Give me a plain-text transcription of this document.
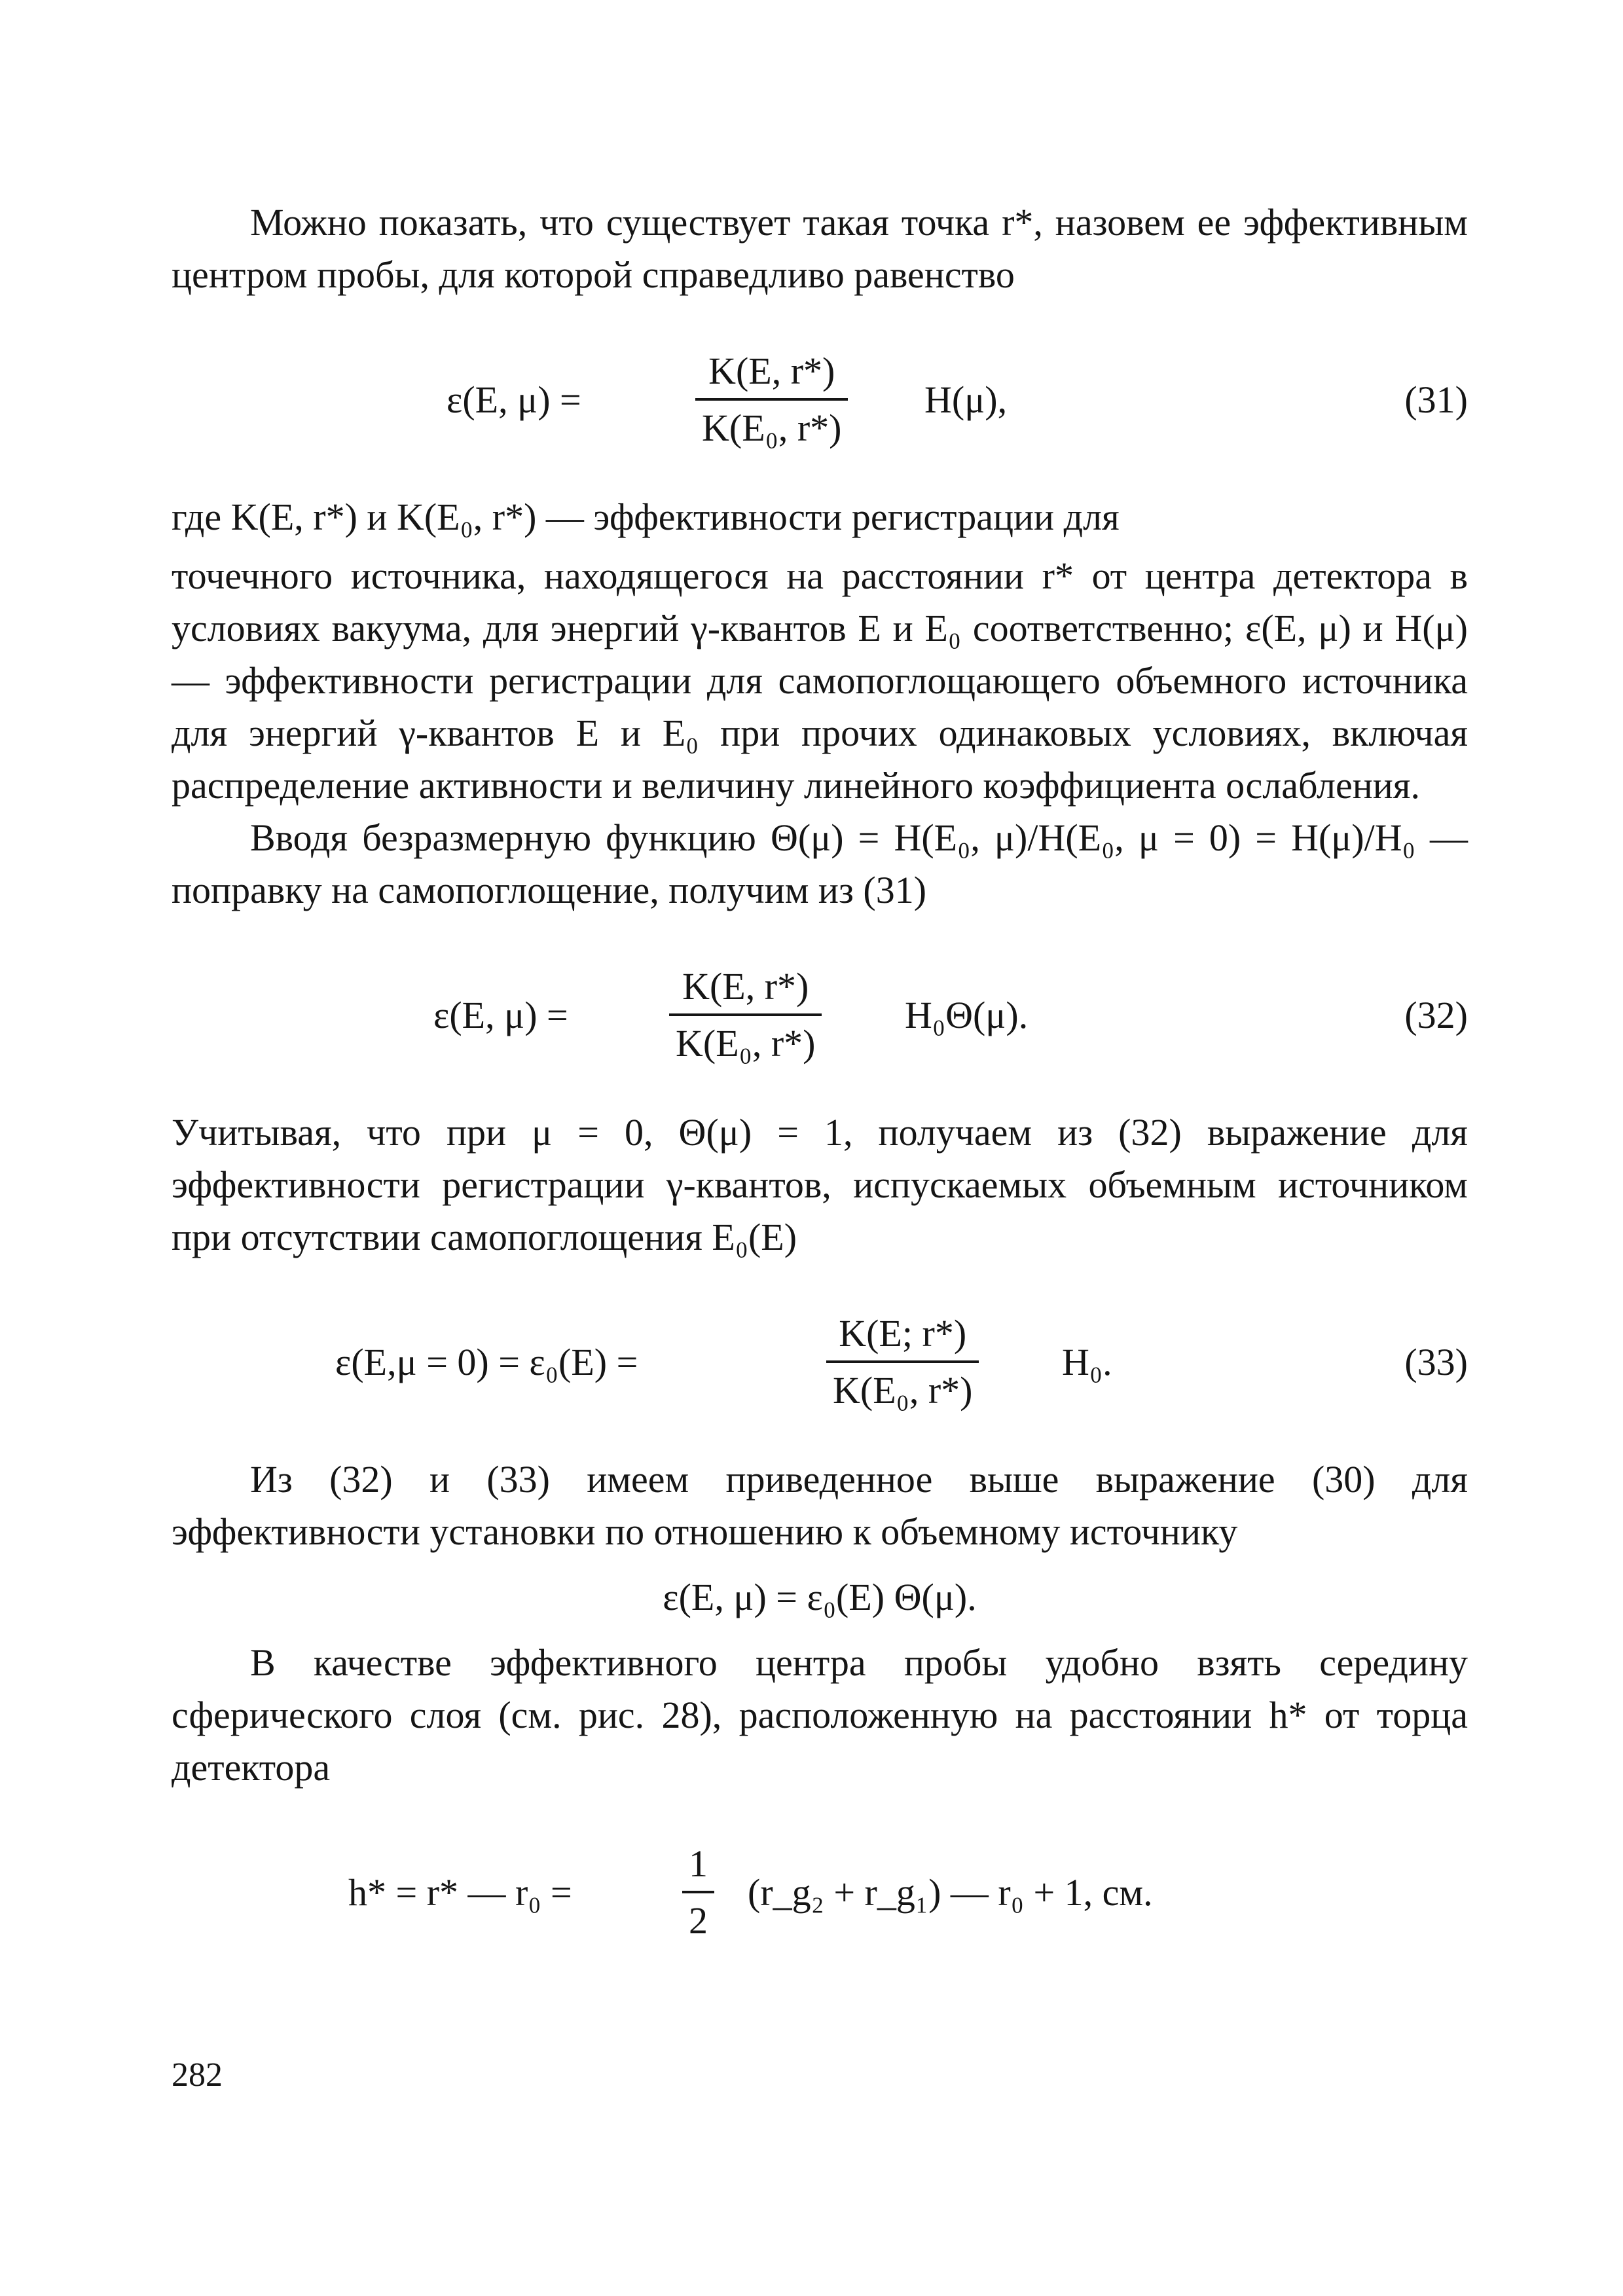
Можно показать, что существует такая точка r*, назовем ее эффективным центром пробы, для которой справедливо равенство

ε(E, μ) =	$\frac{K(E, r*)}{\text{K(E₀, r*)}} H(\mu)$,	(31)

где K(E, r*) и K(E₀, r*) — эффективности регистрации для

точечного источника, находящегося на расстоянии r* от центра детектора в условиях вакуума, для энергий γ-квантов E и E₀ соответственно; ε(E, μ) и H(μ) — эффективности регистрации для самопоглощающего объемного источника для энергий γ-квантов E и E₀ при прочих одинаковых условиях, включая распределение активности и величину линейного коэффициента ослабления.

Вводя безразмерную функцию Θ(μ) = H(E₀, μ)/H(E₀, μ = 0) = H(μ)/H₀ — поправку на самопоглощение, получим из (31)

ε(E, μ) =	$\frac{K(E, r*)}{\text{K(E₀, r*)}} H_0\Theta(\mu)$.	(32)

Учитывая, что при μ = 0, Θ(μ) = 1, получаем из (32) выражение для эффективности регистрации γ-квантов, испускаемых объемным источником при отсутствии самопоглощения E₀(E)

ε(E,μ = 0) = ε₀(E) =	$\frac{K(E; r*)}{\text{K(E₀, r*)}} H_0$.	(33)

Из (32) и (33) имеем приведенное выше выражение (30) для эффективности установки по отношению к объемному источнику

ε(E, μ) = ε₀(E) Θ(μ).

В качестве эффективного центра пробы удобно взять середину сферического слоя (см. рис. 28), расположенную на расстоянии h* от торца детектора

h* = r* — r₀ =	$\frac{1}{2}$ (r_g₂ + r_g₁) — r₀ + 1, см.
282
